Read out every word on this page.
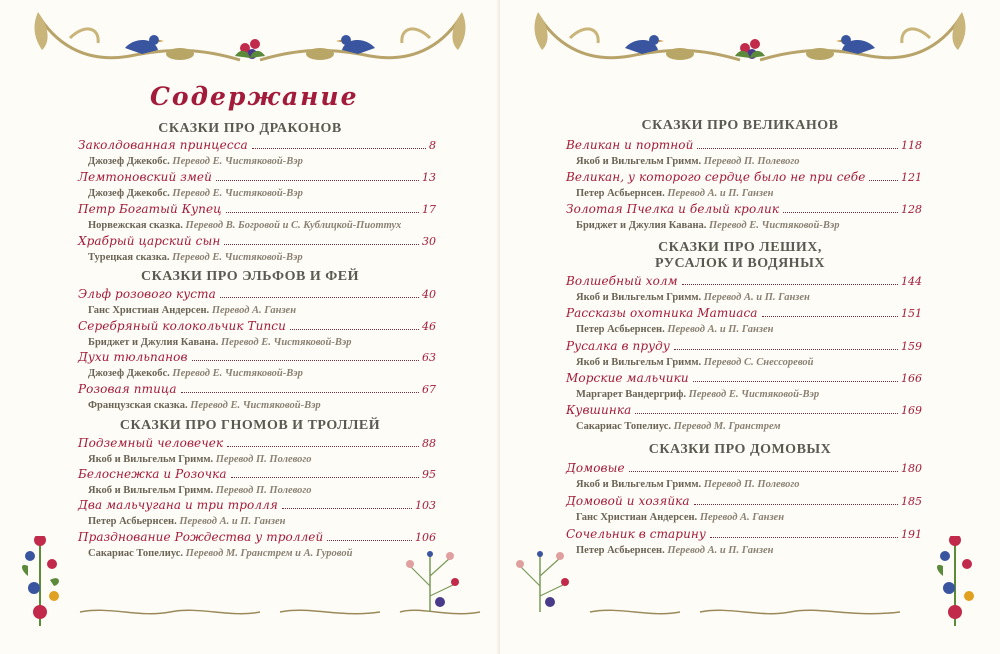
Содержание
СКАЗКИ ПРО ДРАКОНОВ
Заколдованная принцесса	8
Джозеф Джекобс. Перевод Е. Чистяковой-Вэр
Лемтоновский змей	13
Джозеф Джекобс. Перевод Е. Чистяковой-Вэр
Петр Богатый Купец	17
Норвежская сказка. Перевод В. Богровой и С. Кублицкой-Пиоттух
Храбрый царский сын	30
Турецкая сказка. Перевод Е. Чистяковой-Вэр
СКАЗКИ ПРО ЭЛЬФОВ И ФЕЙ
Эльф розового куста	40
Ганс Христиан Андерсен. Перевод А. Ганзен
Серебряный колокольчик Типси	46
Бриджет и Джулия Кавана. Перевод Е. Чистяковой-Вэр
Духи тюльпанов	63
Джозеф Джекобс. Перевод Е. Чистяковой-Вэр
Розовая птица	67
Французская сказка. Перевод Е. Чистяковой-Вэр
СКАЗКИ ПРО ГНОМОВ И ТРОЛЛЕЙ
Подземный человечек	88
Якоб и Вильгельм Гримм. Перевод П. Полевого
Белоснежка и Розочка	95
Якоб и Вильгельм Гримм. Перевод П. Полевого
Два мальчугана и три тролля	103
Петер Асбьернсен. Перевод А. и П. Ганзен
Празднование Рождества у троллей	106
Сакариас Топелиус. Перевод М. Гранстрем и А. Гуровой
СКАЗКИ ПРО ВЕЛИКАНОВ
Великан и портной	118
Якоб и Вильгельм Гримм. Перевод П. Полевого
Великан, у которого сердце было не при себе	121
Петер Асбьернсен. Перевод А. и П. Ганзен
Золотая Пчелка и белый кролик	128
Бриджет и Джулия Кавана. Перевод Е. Чистяковой-Вэр
СКАЗКИ ПРО ЛЕШИХ,
РУСАЛОК И ВОДЯНЫХ
Волшебный холм	144
Якоб и Вильгельм Гримм. Перевод А. и П. Ганзен
Рассказы охотника Матиаса	151
Петер Асбьернсен. Перевод А. и П. Ганзен
Русалка в пруду	159
Якоб и Вильгельм Гримм. Перевод С. Снессоревой
Морские мальчики	166
Маргарет Вандергриф. Перевод Е. Чистяковой-Вэр
Кувшинка	169
Сакариас Топелиус. Перевод М. Гранстрем
СКАЗКИ ПРО ДОМОВЫХ
Домовые	180
Якоб и Вильгельм Гримм. Перевод П. Полевого
Домовой и хозяйка	185
Ганс Христиан Андерсен. Перевод А. Ганзен
Сочельник в старину	191
Петер Асбьернсен. Перевод А. и П. Ганзен
